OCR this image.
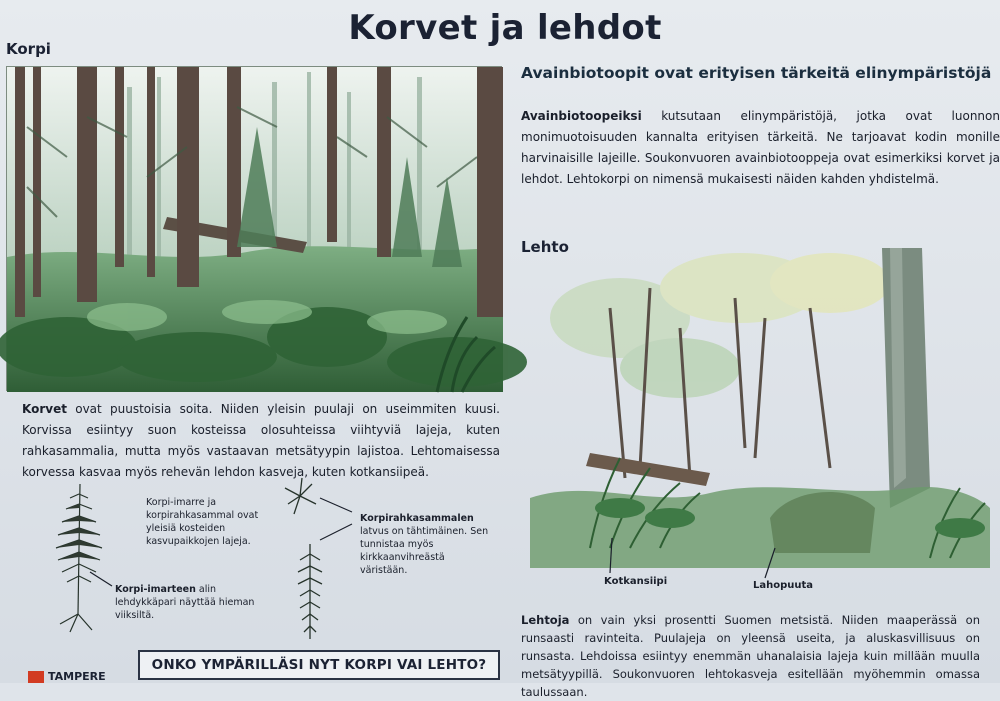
Korvet ja lehdot
Korpi
Avainbiotoopit ovat erityisen tärkeitä elinympäristöjä

Avainbiotoopeiksi kutsutaan elinympäristöjä, jotka ovat luonnon monimuotoisuuden kannalta erityisen tärkeitä. Ne tarjoavat kodin monille harvinaisille lajeille. Soukonvuoren avainbiotooppeja ovat esimerkiksi korvet ja lehdot. Lehtokorpi on nimensä mukaisesti näiden kahden yhdistelmä.

Lehto
Kotkansiipi	Lahopuuta

Korvet ovat puustoisia soita. Niiden yleisin puulaji on useimmiten kuusi. Korvissa esiintyy suon kosteissa olosuhteissa viihtyviä lajeja, kuten rahkasammalia, mutta myös vastaavan metsätyypin lajistoa. Lehtomaisessa korvessa kasvaa myös rehevän lehdon kasveja, kuten kotkansiipeä.

Korpi-imarre ja korpirahkasammal ovat yleisiä kosteiden kasvupaikkojen lajeja.
Korpi-imarteen alin lehdykkäpari näyttää hieman viiksiltä.
Korpirahkasammalen latvus on tähtimäinen. Sen tunnistaa myös kirkkaanvihreästä väristään.

Lehtoja on vain yksi prosentti Suomen metsistä. Niiden maaperässä on runsaasti ravinteita. Puulajeja on yleensä useita, ja aluskasvillisuus on runsasta. Lehdoissa esiintyy enemmän uhanalaisia lajeja kuin millään muulla metsätyypillä. Soukonvuoren lehtokasveja esitellään myöhemmin omassa taulussaan.

ONKO YMPÄRILLÄSI NYT KORPI VAI LEHTO?
TAMPERE
